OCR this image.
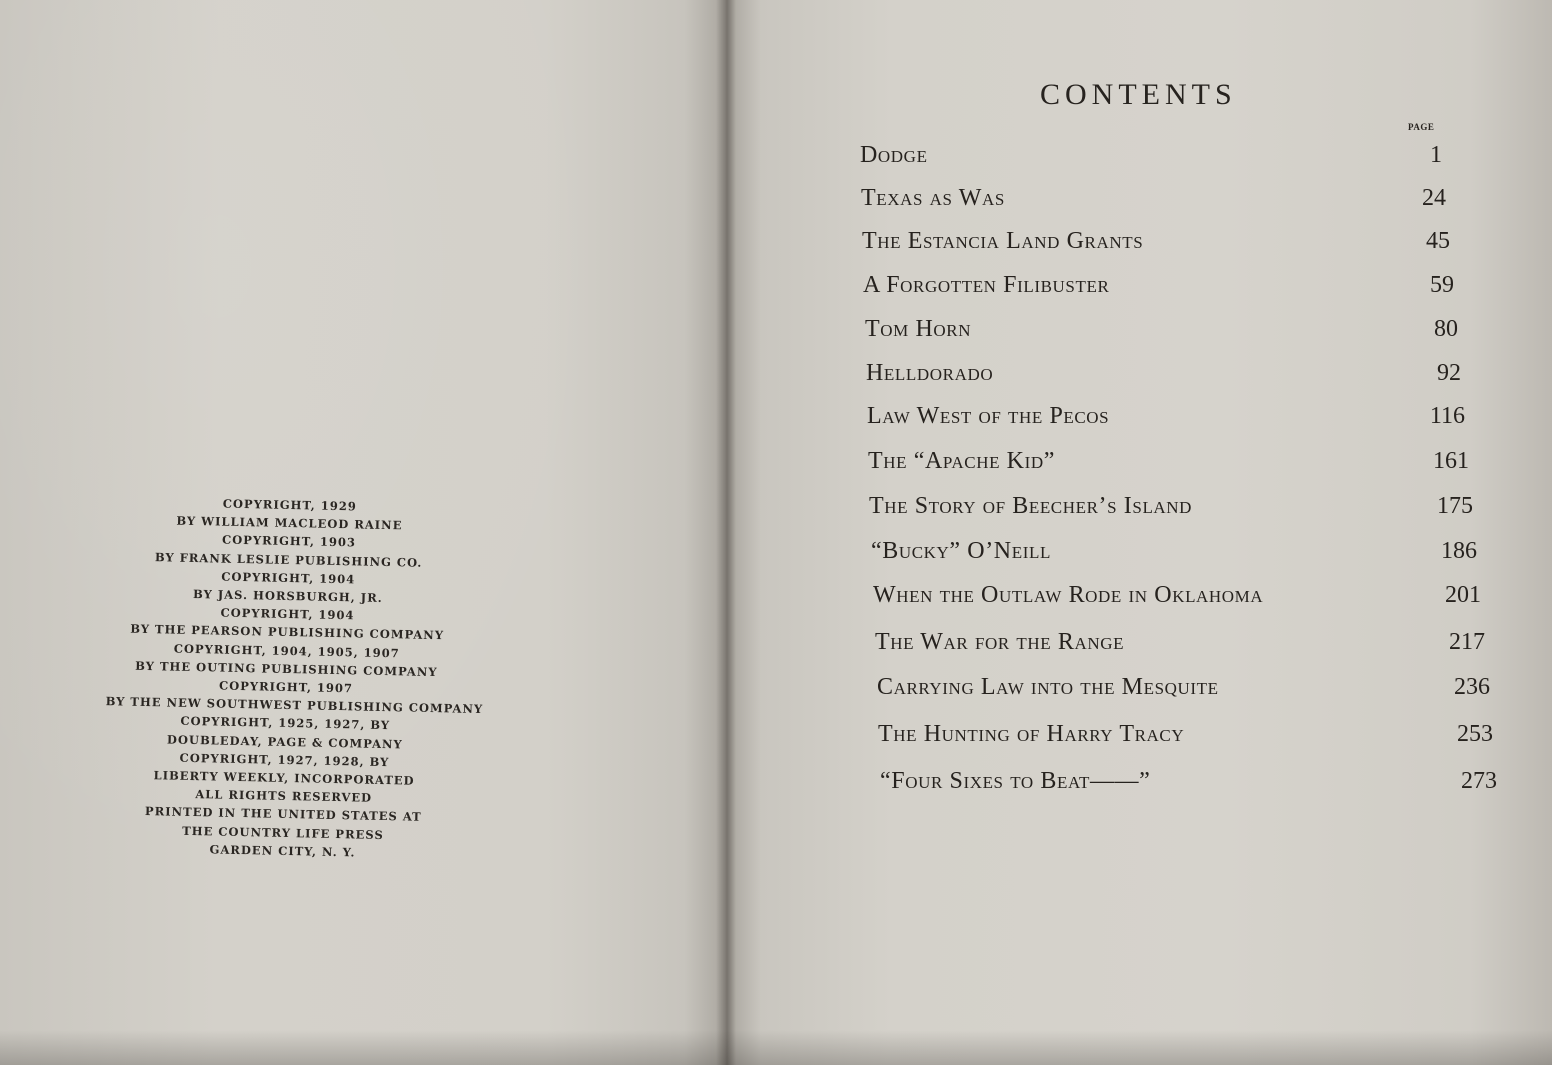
COPYRIGHT, 1929
BY WILLIAM MACLEOD RAINE
COPYRIGHT, 1903
BY FRANK LESLIE PUBLISHING CO.
COPYRIGHT, 1904
BY JAS. HORSBURGH, JR.
COPYRIGHT, 1904
BY THE PEARSON PUBLISHING COMPANY
COPYRIGHT, 1904, 1905, 1907
BY THE OUTING PUBLISHING COMPANY
COPYRIGHT, 1907
BY THE NEW SOUTHWEST PUBLISHING COMPANY
COPYRIGHT, 1925, 1927, BY
DOUBLEDAY, PAGE & COMPANY
COPYRIGHT, 1927, 1928, BY
LIBERTY WEEKLY, INCORPORATED
ALL RIGHTS RESERVED
PRINTED IN THE UNITED STATES AT
THE COUNTRY LIFE PRESS
GARDEN CITY, N. Y.
CONTENTS
PAGE
Dodge	1
Texas as Was	24
The Estancia Land Grants	45
A Forgotten Filibuster	59
Tom Horn	80
Helldorado	92
Law West of the Pecos	116
The “Apache Kid”	161
The Story of Beecher’s Island	175
“Bucky” O’Neill	186
When the Outlaw Rode in Oklahoma	201
The War for the Range	217
Carrying Law into the Mesquite	236
The Hunting of Harry Tracy	253
“Four Sixes to Beat——”	273
